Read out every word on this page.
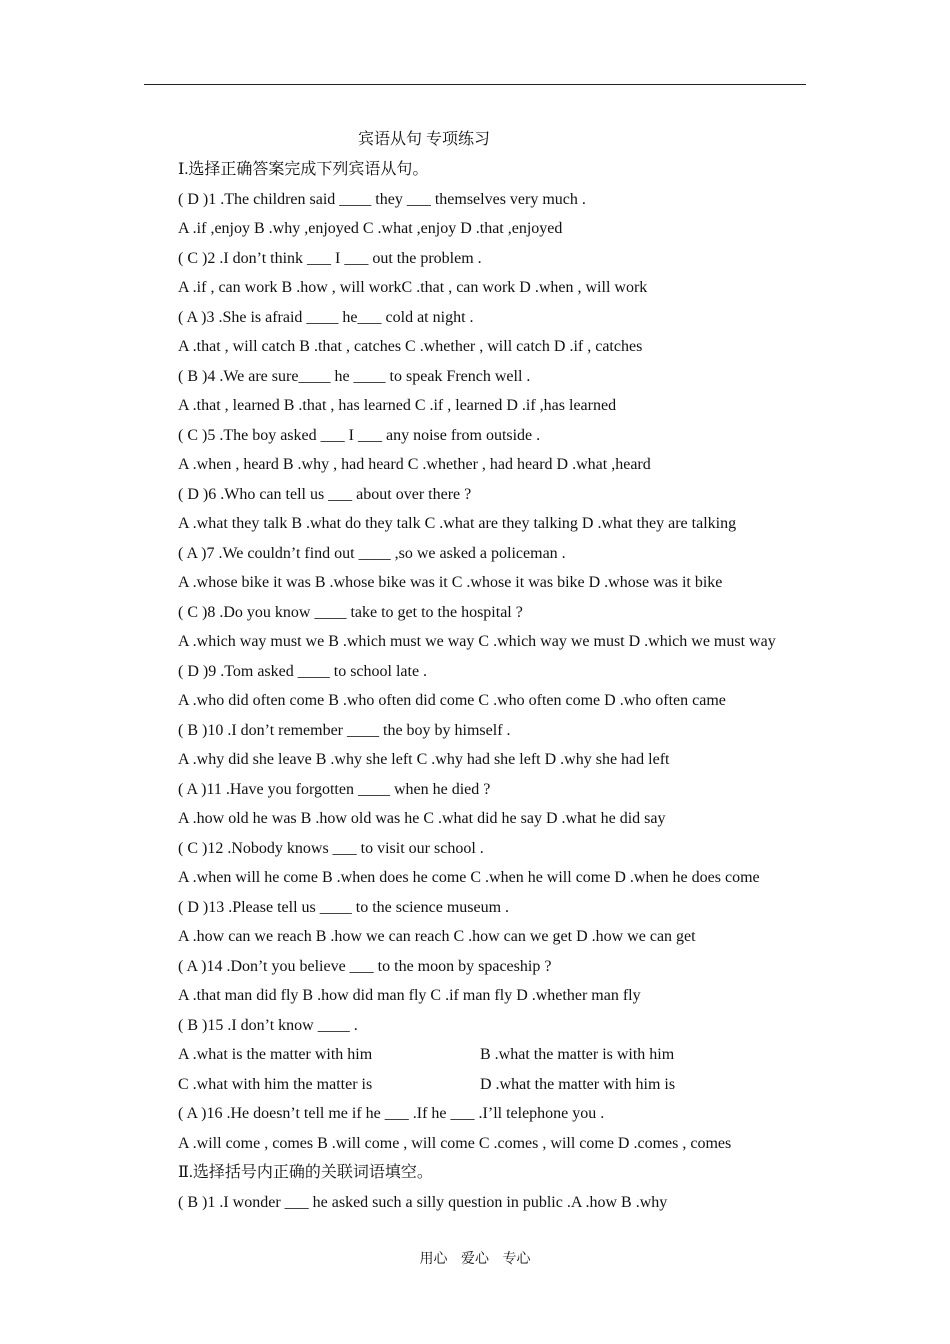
宾语从句 专项练习
Ⅰ.选择正确答案完成下列宾语从句。
( D )1 .The children said ____ they ___ themselves very much .
A .if ,enjoy B .why ,enjoyed C .what ,enjoy D .that ,enjoyed
( C )2 .I don’t think ___ I ___ out the problem .
A .if , can work B .how , will workC .that , can work D .when , will work
( A )3 .She is afraid ____ he___ cold at night .
A .that , will catch B .that , catches C .whether , will catch D .if , catches
( B )4 .We are sure____ he ____ to speak French well .
A .that , learned B .that , has learned C .if , learned D .if ,has learned
( C )5 .The boy asked ___ I ___ any noise from outside .
A .when , heard B .why , had heard C .whether , had heard D .what ,heard
( D )6 .Who can tell us ___ about over there ?
A .what they talk B .what do they talk C .what are they talking D .what they are talking
( A )7 .We couldn’t find out ____ ,so we asked a policeman .
A .whose bike it was B .whose bike was it C .whose it was bike D .whose was it bike
( C )8 .Do you know ____ take to get to the hospital ?
A .which way must we B .which must we way C .which way we must D .which we must way
( D )9 .Tom asked ____ to school late .
A .who did often come B .who often did come C .who often come D .who often came
( B )10 .I don’t remember ____ the boy by himself .
A .why did she leave B .why she left C .why had she left D .why she had left
( A )11 .Have you forgotten ____ when he died ?
A .how old he was B .how old was he C .what did he say D .what he did say
( C )12 .Nobody knows ___ to visit our school .
A .when will he come B .when does he come C .when he will come D .when he does come
( D )13 .Please tell us ____ to the science museum .
A .how can we reach B .how we can reach C .how can we get D .how we can get
( A )14 .Don’t you believe ___ to the moon by spaceship ?
A .that man did fly B .how did man fly C .if man fly D .whether man fly
( B )15 .I don’t know ____ .
A .what is the matter with him	B .what the matter is with him
C .what with him the matter is	D .what the matter with him is
( A )16 .He doesn’t tell me if he ___ .If he ___ .I’ll telephone you .
A .will come , comes B .will come , will come C .comes , will come D .comes , comes
Ⅱ.选择括号内正确的关联词语填空。
( B )1 .I wonder ___ he asked such a silly question in public .A .how B .why
用心 爱心 专心
